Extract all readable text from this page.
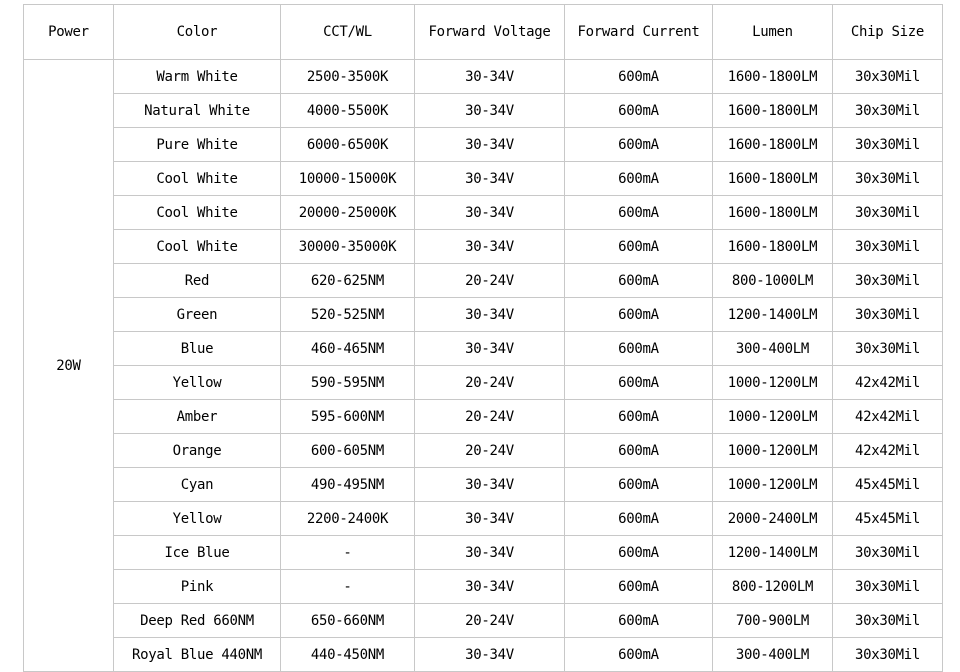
Power	Color	CCT/WL	Forward Voltage	Forward Current	Lumen	Chip Size
20W	Warm White	2500-3500K	30-34V	600mA	1600-1800LM	30x30Mil
	Natural White	4000-5500K	30-34V	600mA	1600-1800LM	30x30Mil
	Pure White	6000-6500K	30-34V	600mA	1600-1800LM	30x30Mil
	Cool White	10000-15000K	30-34V	600mA	1600-1800LM	30x30Mil
	Cool White	20000-25000K	30-34V	600mA	1600-1800LM	30x30Mil
	Cool White	30000-35000K	30-34V	600mA	1600-1800LM	30x30Mil
	Red	620-625NM	20-24V	600mA	800-1000LM	30x30Mil
	Green	520-525NM	30-34V	600mA	1200-1400LM	30x30Mil
	Blue	460-465NM	30-34V	600mA	300-400LM	30x30Mil
	Yellow	590-595NM	20-24V	600mA	1000-1200LM	42x42Mil
	Amber	595-600NM	20-24V	600mA	1000-1200LM	42x42Mil
	Orange	600-605NM	20-24V	600mA	1000-1200LM	42x42Mil
	Cyan	490-495NM	30-34V	600mA	1000-1200LM	45x45Mil
	Yellow	2200-2400K	30-34V	600mA	2000-2400LM	45x45Mil
	Ice Blue	-	30-34V	600mA	1200-1400LM	30x30Mil
	Pink	-	30-34V	600mA	800-1200LM	30x30Mil
	Deep Red 660NM	650-660NM	20-24V	600mA	700-900LM	30x30Mil
	Royal Blue 440NM	440-450NM	30-34V	600mA	300-400LM	30x30Mil
